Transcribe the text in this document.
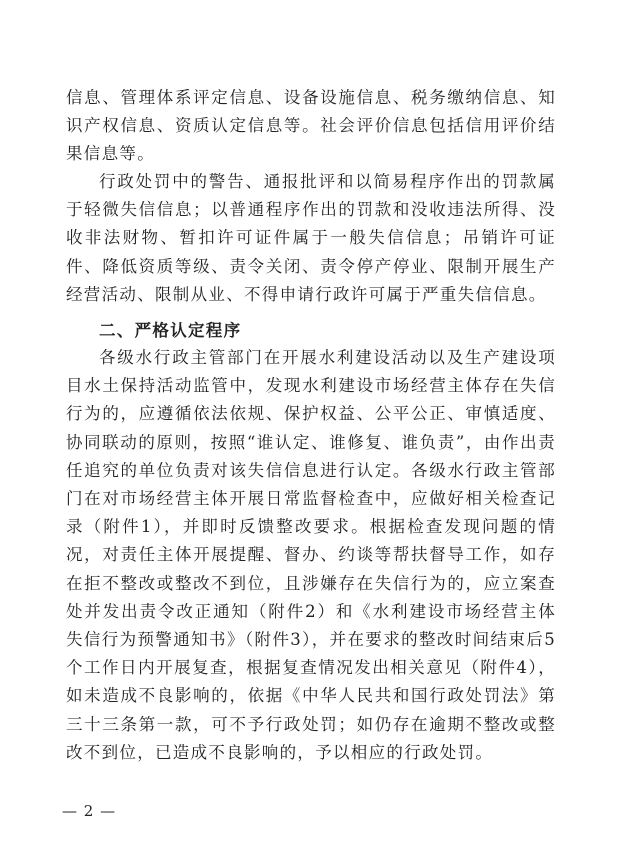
信息、管理体系评定信息、设备设施信息、税务缴纳信息、知识产权信息、资质认定信息等。社会评价信息包括信用评价结果信息等。

行政处罚中的警告、通报批评和以简易程序作出的罚款属于轻微失信信息；以普通程序作出的罚款和没收违法所得、没收非法财物、暂扣许可证件属于一般失信信息；吊销许可证件、降低资质等级、责令关闭、责令停产停业、限制开展生产经营活动、限制从业、不得申请行政许可属于严重失信信息。

二、严格认定程序

各级水行政主管部门在开展水利建设活动以及生产建设项目水土保持活动监管中，发现水利建设市场经营主体存在失信行为的，应遵循依法依规、保护权益、公平公正、审慎适度、协同联动的原则，按照“谁认定、谁修复、谁负责”，由作出责任追究的单位负责对该失信信息进行认定。各级水行政主管部门在对市场经营主体开展日常监督检查中，应做好相关检查记录（附件1），并即时反馈整改要求。根据检查发现问题的情况，对责任主体开展提醒、督办、约谈等帮扶督导工作，如存在拒不整改或整改不到位，且涉嫌存在失信行为的，应立案查处并发出责令改正通知（附件2）和《水利建设市场经营主体失信行为预警通知书》（附件3），并在要求的整改时间结束后5个工作日内开展复查，根据复查情况发出相关意见（附件4），如未造成不良影响的，依据《中华人民共和国行政处罚法》第三十三条第一款，可不予行政处罚；如仍存在逾期不整改或整改不到位，已造成不良影响的，予以相应的行政处罚。

— 2 —
